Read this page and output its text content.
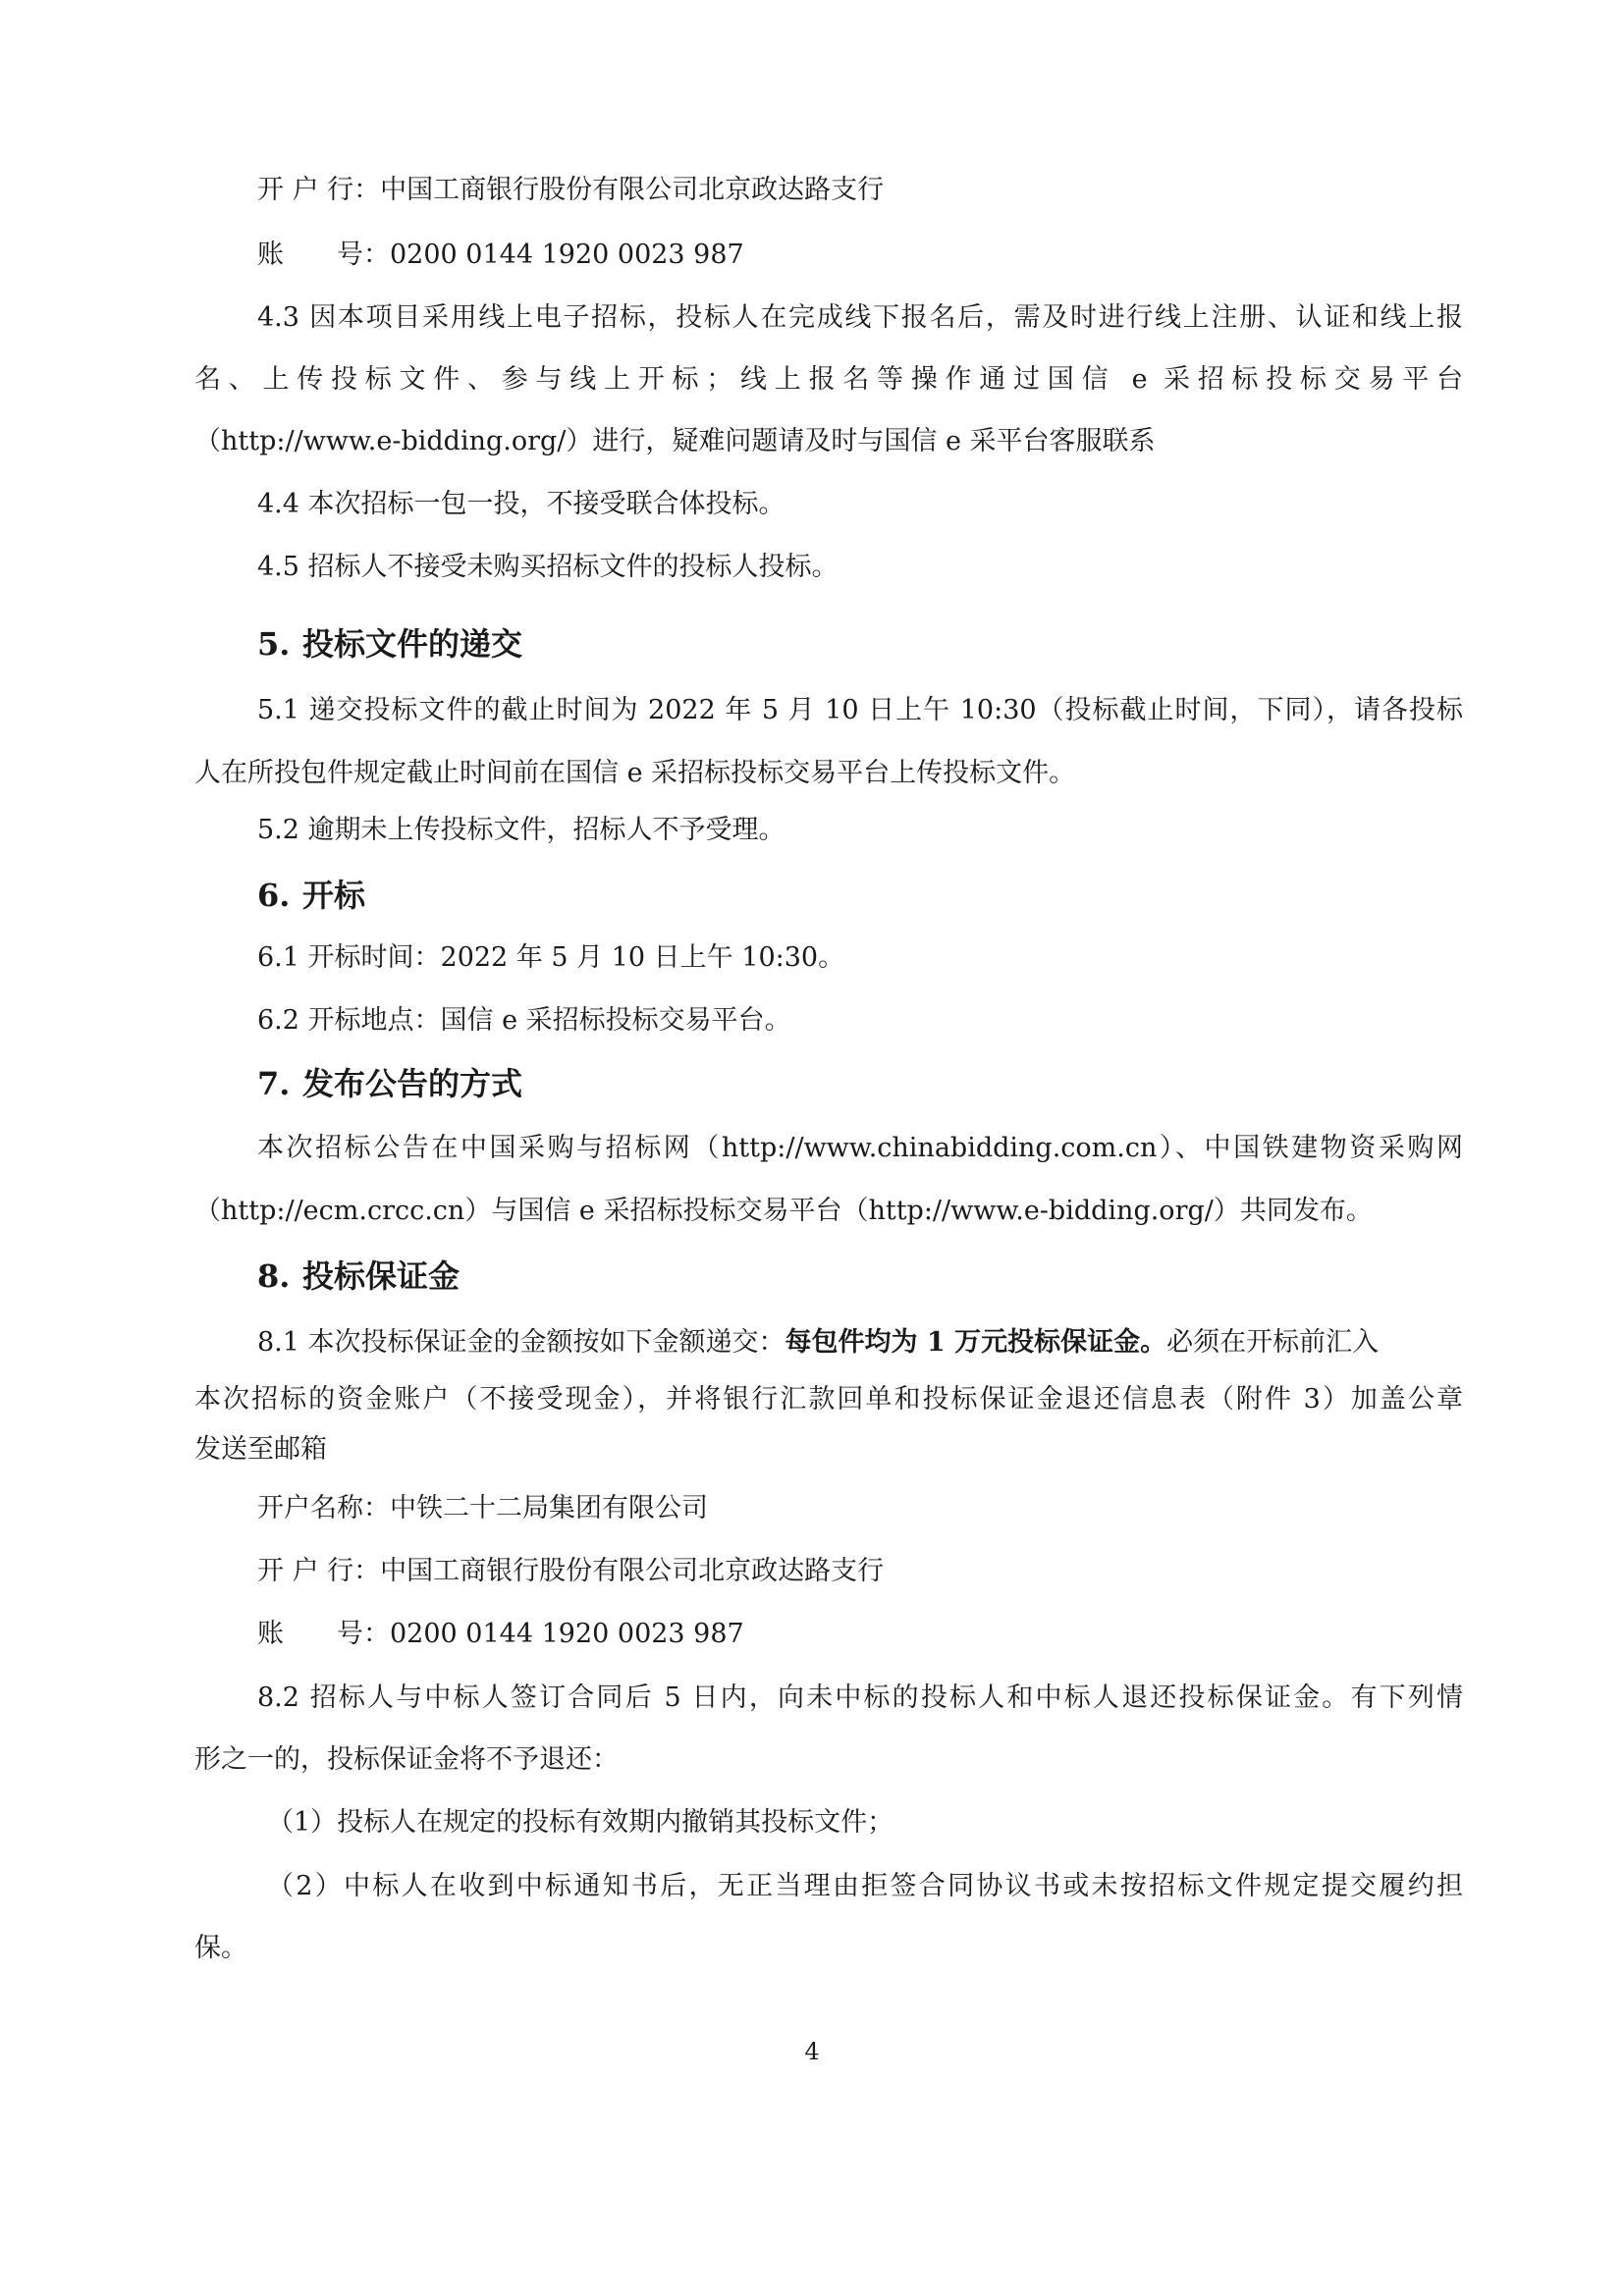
开 户 行：中国工商银行股份有限公司北京政达路支行
账　　号：0200 0144 1920 0023 987
4.3 因本项目采用线上电子招标，投标人在完成线下报名后，需及时进行线上注册、认证和线上报
名、上传投标文件、参与线上开标；线上报名等操作通过国信 e 采招标投标交易平台
（http://www.e-bidding.org/）进行，疑难问题请及时与国信 e 采平台客服联系
4.4 本次招标一包一投，不接受联合体投标。
4.5 招标人不接受未购买招标文件的投标人投标。
5. 投标文件的递交
5.1 递交投标文件的截止时间为 2022 年 5 月 10 日上午 10:30（投标截止时间，下同），请各投标
人在所投包件规定截止时间前在国信 e 采招标投标交易平台上传投标文件。
5.2 逾期未上传投标文件，招标人不予受理。
6. 开标
6.1 开标时间：2022 年 5 月 10 日上午 10:30。
6.2 开标地点：国信 e 采招标投标交易平台。
7. 发布公告的方式
本次招标公告在中国采购与招标网（http://www.chinabidding.com.cn）、中国铁建物资采购网
（http://ecm.crcc.cn）与国信 e 采招标投标交易平台（http://www.e-bidding.org/）共同发布。
8. 投标保证金
8.1 本次投标保证金的金额按如下金额递交：每包件均为 1 万元投标保证金。必须在开标前汇入
本次招标的资金账户（不接受现金），并将银行汇款回单和投标保证金退还信息表（附件 3）加盖公章
发送至邮箱
开户名称：中铁二十二局集团有限公司
开 户 行：中国工商银行股份有限公司北京政达路支行
账　　号：0200 0144 1920 0023 987
8.2 招标人与中标人签订合同后 5 日内，向未中标的投标人和中标人退还投标保证金。有下列情
形之一的，投标保证金将不予退还：
（1）投标人在规定的投标有效期内撤销其投标文件；
（2）中标人在收到中标通知书后，无正当理由拒签合同协议书或未按招标文件规定提交履约担
保。
4
